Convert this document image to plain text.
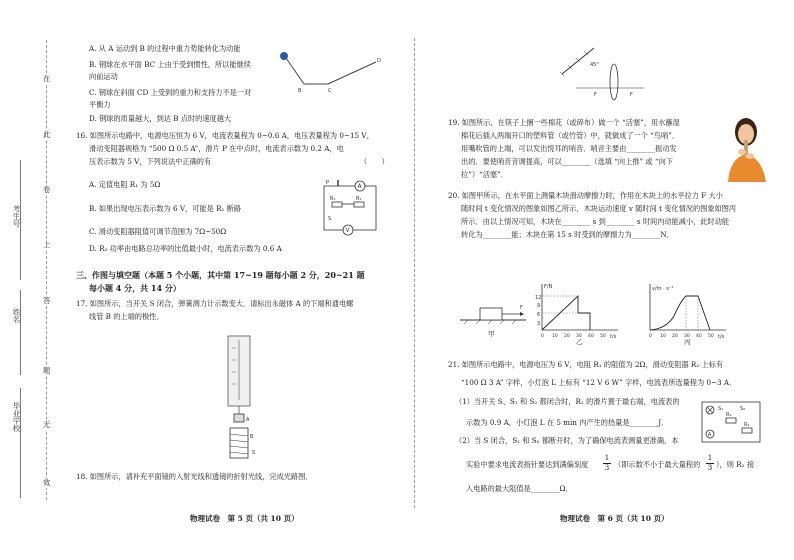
在
此
卷
上
答
题
无
效
考生号
姓名
毕业学校
A. 从 A 运动到 B 的过程中重力势能转化为动能
B. 钢球在水平面 BC 上由于受到惯性，所以能继续
向前运动
C. 钢球在斜面 CD 上受到的重力和支持力不是一对
平衡力
D. 钢球的质量越大，到达 B 点时的速度越大
B	C
D
16. 如图所示电路中，电源电压恒为 6 V，电流表量程为 0~0.6 A，电压表量程为 0~15 V，
滑动变阻器规格为 “500 Ω 0.5 A”，滑片 P 在中点时，电流表示数为 0.2 A，电
压表示数为 5 V，下列说法中正确的有	（　　）
A. 定值电阻 R₁ 为 5Ω
B. 如果出现电压表示数为 6 V，可能是 R₁ 断路
C. 滑动变阻器阻值可调节范围为 7Ω~50Ω
D. R₂ 功率由电路总功率的比值最小时，电流表示数为 0.6 A
A
V
P
R₁	R₂
S
三、作图与填空题（本题 5 个小题，其中第 17~19 题每小题 2 分，20~21 题
每小题 4 分，共 14 分）
17. 如图所示，当开关 S 闭合，弹簧测力计示数变大．请标出永磁体 A 的下端和通电螺
线管 B 的上端的极性．
A
B
S
18. 如图所示，请补充平面镜的入射光线和透镜的折射光线，完成光路图．
物理试卷　第 5 页（共 10 页）
45°
F	F
19. 如图所示，在筷子上捆一些棉花（或碎布）做一个 “活塞”，用水蘸湿
棉花后插入两端开口的塑料管（或竹管）中，就做成了一个 “鸟哨”．
用嘴吹管的上端，可以发出悦耳的哨音．哨音主要由________振动发
出的．要使哨音音调提高，可以________（选填 “向上推” 或 “向下
拉”）“活塞”．
20. 如图甲所示，在水平面上测量木块滑动摩擦力时，作用在木块上的水平拉力 F 大小
随时间 t 变化情况的图象如图乙所示，木块运动速度 v 随时间 t 变化情况的图象如图丙
所示．由以上情况可知，木块在________ s 到________ s 时间内动能减小，此时动能
转化为________能；木块在第 15 s 时受到的摩擦力为________N．
F
甲
F/N
t/s
12
9
6
3
0 10 20 30 40 50
乙
v/m · s⁻¹
t/s
0 10 20 30 40 50
丙
21. 如图所示电路中，电源电压为 6 V，电阻 R₁ 的阻值为 2Ω，滑动变阻器 R₂ 上标有
“100 Ω 3 A” 字样，小灯泡 L 上标有 “12 V 6 W” 字样，电流表所选量程为 0~3 A．
（1）当开关 S、S₁ 和 S₂ 都闭合时，R₂ 的滑片置于最右端，电流表的
示数为 0.9 A，小灯泡 L 在 5 min 内产生的热量是________J．
（2）当 S 闭合，S₁ 和 S₂ 都断开时，为了确保电流表测量更准确，本
实验中要求电流表指针要达到满偏刻度 $\frac{1}{3}$ （即示数不小于最大量程的 $\frac{1}{3}$ ），则 R₂ 接
入电路的最大阻值是________Ω．
A
S₁	S₂
R₁
R₂
物理试卷　第 6 页（共 10 页）
